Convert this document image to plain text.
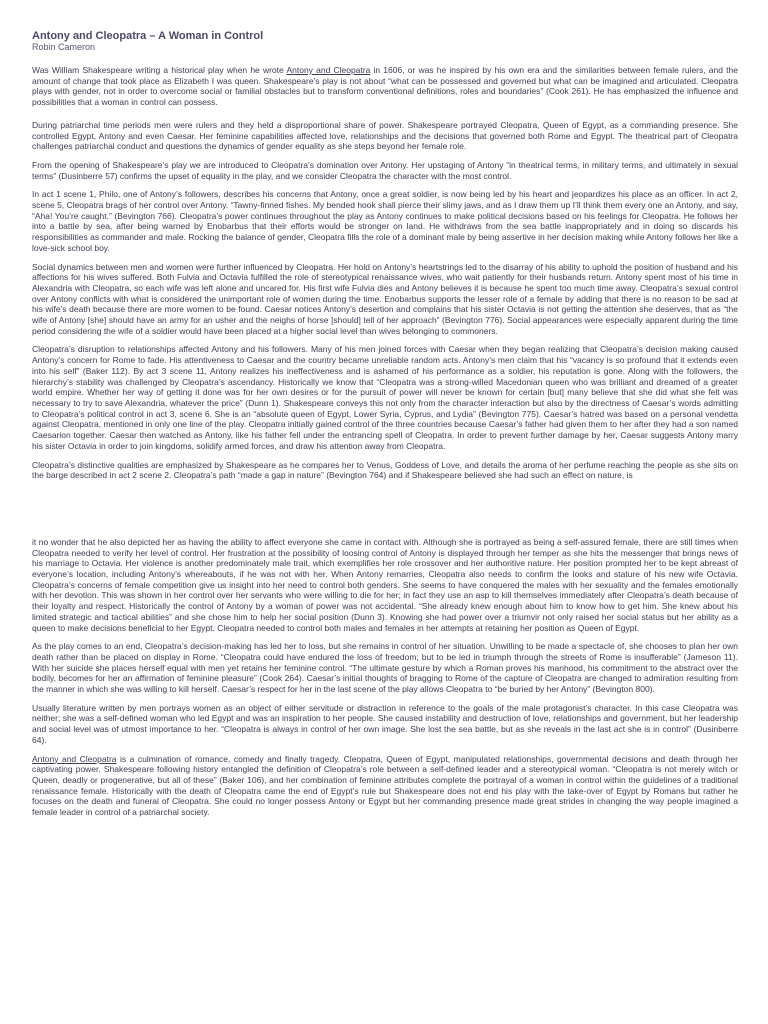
Antony and Cleopatra – A Woman in Control
Robin Cameron

Was William Shakespeare writing a historical play when he wrote Antony and Cleopatra in 1606, or was he inspired by his own era and the similarities between female rulers, and the amount of change that took place as Elizabeth I was queen. Shakespeare’s play is not about “what can be possessed and governed but what can be imagined and articulated. Cleopatra plays with gender, not in order to overcome social or familial obstacles but to transform conventional definitions, roles and boundaries” (Cook 261). He has emphasized the influence and possibilities that a woman in control can possess.

During patriarchal time periods men were rulers and they held a disproportional share of power. Shakespeare portrayed Cleopatra, Queen of Egypt, as a commanding presence. She controlled Egypt, Antony and even Caesar. Her feminine capabilities affected love, relationships and the decisions that governed both Rome and Egypt. The theatrical part of Cleopatra challenges patriarchal conduct and questions the dynamics of gender equality as she steps beyond her female role.

From the opening of Shakespeare’s play we are introduced to Cleopatra’s domination over Antony. Her upstaging of Antony “in theatrical terms, in military terms, and ultimately in sexual terms” (Dusinberre 57) confirms the upset of equality in the play, and we consider Cleopatra the character with the most control.

In act 1 scene 1, Philo, one of Antony’s followers, describes his concerns that Antony, once a great soldier, is now being led by his heart and jeopardizes his place as an officer. In act 2, scene 5, Cleopatra brags of her control over Antony. “Tawny-finned fishes. My bended hook shall pierce their slimy jaws, and as I draw them up I’ll think them every one an Antony, and say, “Aha! You’re caught.” (Bevington 766). Cleopatra’s power continues throughout the play as Antony continues to make political decisions based on his feelings for Cleopatra. He follows her into a battle by sea, after being warned by Enobarbus that their efforts would be stronger on land. He withdraws from the sea battle inappropriately and in doing so discards his responsibilities as commander and male. Rocking the balance of gender, Cleopatra fills the role of a dominant male by being assertive in her decision making while Antony follows her like a love-sick school boy.

Social dynamics between men and women were further influenced by Cleopatra. Her hold on Antony’s heartstrings led to the disarray of his ability to uphold the position of husband and his affections for his wives suffered. Both Fulvia and Octavia fulfilled the role of stereotypical renaissance wives, who wait patiently for their husbands return. Antony spent most of his time in Alexandria with Cleopatra, so each wife was left alone and uncared for. His first wife Fulvia dies and Antony believes it is because he spent too much time away. Cleopatra’s sexual control over Antony conflicts with what is considered the unimportant role of women during the time. Enobarbus supports the lesser role of a female by adding that there is no reason to be sad at his wife’s death because there are more women to be found. Caesar notices Antony’s desertion and complains that his sister Octavia is not getting the attention she deserves, that as “the wife of Antony [she] should have an army for an usher and the neighs of horse [should] tell of her approach” (Bevington 776). Social appearances were especially apparent during the time period considering the wife of a soldier would have been placed at a higher social level than wives belonging to commoners.

Cleopatra’s disruption to relationships affected Antony and his followers. Many of his men joined forces with Caesar when they began realizing that Cleopatra’s decision making caused Antony’s concern for Rome to fade. His attentiveness to Caesar and the country became unreliable random acts. Antony’s men claim that his “vacancy is so profound that it extends even into his self” (Baker 112). By act 3 scene 11, Antony realizes his ineffectiveness and is ashamed of his performance as a soldier, his reputation is gone. Along with the followers, the hierarchy’s stability was challenged by Cleopatra’s ascendancy. Historically we know that “Cleopatra was a strong-willed Macedonian queen who was brilliant and dreamed of a greater world empire. Whether her way of getting it done was for her own desires or for the pursuit of power will never be known for certain [but] many believe that she did what she felt was necessary to try to save Alexandria, whatever the price” (Dunn 1). Shakespeare conveys this not only from the character interaction but also by the directness of Caesar’s words admitting to Cleopatra’s political control in act 3, scene 6. She is an “absolute queen of Egypt, Lower Syria, Cyprus, and Lydia” (Bevington 775). Caesar’s hatred was based on a personal vendetta against Cleopatra, mentioned in only one line of the play. Cleopatra initially gained control of the three countries because Caesar’s father had given them to her after they had a son named Caesarion together. Caesar then watched as Antony, like his father fell under the entrancing spell of Cleopatra. In order to prevent further damage by her, Caesar suggests Antony marry his sister Octavia in order to join kingdoms, solidify armed forces, and draw his attention away from Cleopatra.

Cleopatra’s distinctive qualities are emphasized by Shakespeare as he compares her to Venus, Goddess of Love, and details the aroma of her perfume reaching the people as she sits on the barge described in act 2 scene 2. Cleopatra’s path “made a gap in nature” (Bevington 764) and if Shakespeare believed she had such an effect on nature, is

it no wonder that he also depicted her as having the ability to affect everyone she came in contact with. Although she is portrayed as being a self-assured female, there are still times when Cleopatra needed to verify her level of control. Her frustration at the possibility of loosing control of Antony is displayed through her temper as she hits the messenger that brings news of his marriage to Octavia. Her violence is another predominately male trait, which exemplifies her role crossover and her authoritive nature. Her position prompted her to be kept abreast of everyone’s location, including Antony’s whereabouts, if he was not with her. When Antony remarries, Cleopatra also needs to confirm the looks and stature of his new wife Octavia. Cleopatra’s concerns of female competition give us insight into her need to control both genders. She seems to have conquered the males with her sexuality and the females emotionally with her devotion. This was shown in her control over her servants who were willing to die for her; in fact they use an asp to kill themselves immediately after Cleopatra’s death because of their loyalty and respect. Historically the control of Antony by a woman of power was not accidental. “She already knew enough about him to know how to get him. She knew about his limited strategic and tactical abilities” and she chose him to help her social position (Dunn 3). Knowing she had power over a triumvir not only raised her social status but her ability as a queen to make decisions beneficial to her Egypt. Cleopatra needed to control both males and females in her attempts at retaining her position as Queen of Egypt.

As the play comes to an end, Cleopatra’s decision-making has led her to loss, but she remains in control of her situation. Unwilling to be made a spectacle of, she chooses to plan her own death rather than be placed on display in Rome. “Cleopatra could have endured the loss of freedom; but to be led in triumph through the streets of Rome is insufferable” (Jameson 11). With her suicide she places herself equal with men yet retains her feminine control. “The ultimate gesture by which a Roman proves his manhood, his commitment to the abstract over the bodily, becomes for her an affirmation of feminine pleasure” (Cook 264). Caesar’s initial thoughts of bragging to Rome of the capture of Cleopatra are changed to admiration resulting from the manner in which she was willing to kill herself. Caesar’s respect for her in the last scene of the play allows Cleopatra to “be buried by her Antony” (Bevington 800).

Usually literature written by men portrays women as an object of either servitude or distraction in reference to the goals of the male protagonist’s character. In this case Cleopatra was neither; she was a self-defined woman who led Egypt and was an inspiration to her people. She caused instability and destruction of love, relationships and government, but her leadership and social level was of utmost importance to her. “Cleopatra is always in control of her own image. She lost the sea battle, but as she reveals in the last act she is in control” (Dusinberre 64).

Antony and Cleopatra is a culmination of romance, comedy and finally tragedy. Cleopatra, Queen of Egypt, manipulated relationships, governmental decisions and death through her captivating power. Shakespeare following history entangled the definition of Cleopatra’s role between a self-defined leader and a stereotypical woman. “Cleopatra is not merely witch or Queen, deadly or progenerative, but all of these” (Baker 106), and her combination of feminine attributes complete the portrayal of a woman in control within the guidelines of a traditional renaissance female. Historically with the death of Cleopatra came the end of Egypt’s rule but Shakespeare does not end his play with the take-over of Egypt by Romans but rather he focuses on the death and funeral of Cleopatra. She could no longer possess Antony or Egypt but her commanding presence made great strides in changing the way people imagined a female leader in control of a patriarchal society.
